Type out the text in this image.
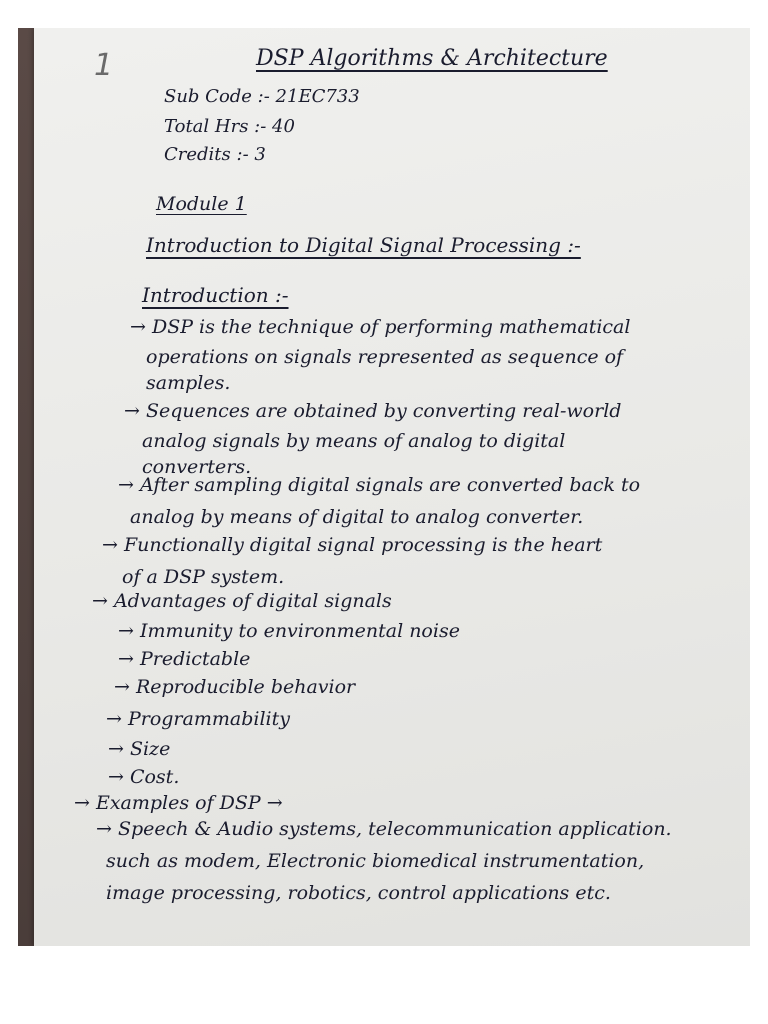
1	DSP Algorithms & Architecture
Sub Code :- 21EC733
Total Hrs :- 40
Credits :- 3
Module 1
Introduction to Digital Signal Processing :-
Introduction :-
→ DSP is the technique of performing mathematical
operations on signals represented as sequence of
samples.
→ Sequences are obtained by converting real-world
analog signals by means of analog to digital
converters.
→ After sampling digital signals are converted back to
analog by means of digital to analog converter.
→ Functionally digital signal processing is the heart
of a DSP system.
→ Advantages of digital signals
→ Immunity to environmental noise
→ Predictable
→ Reproducible behavior
→ Programmability
→ Size
→ Cost.
→ Examples of DSP →
→ Speech & Audio systems, telecommunication application.
such as modem, Electronic biomedical instrumentation,
image processing, robotics, control applications etc.
